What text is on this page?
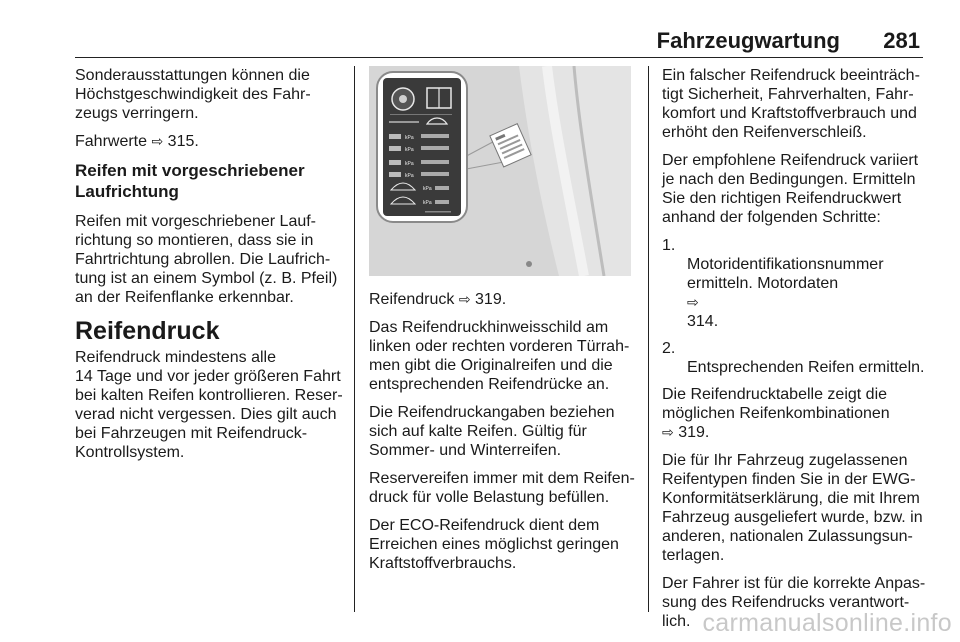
Fahrzeugwartung 281

Sonderausstattungen können die
Höchstgeschwindigkeit des Fahr-
zeugs verringern.

Fahrwerte ⇨ 315.

Reifen mit vorgeschriebener
Laufrichtung

Reifen mit vorgeschriebener Lauf-
richtung so montieren, dass sie in
Fahrtrichtung abrollen. Die Laufrich-
tung ist an einem Symbol (z. B. Pfeil)
an der Reifenflanke erkennbar.

Reifendruck

Reifendruck mindestens alle
14 Tage und vor jeder größeren Fahrt
bei kalten Reifen kontrollieren. Reser-
verad nicht vergessen. Dies gilt auch
bei Fahrzeugen mit Reifendruck-
Kontrollsystem.

kPa
kPa
kPa
kPa
kPa
kPa

Reifendruck ⇨ 319.

Das Reifendruckhinweisschild am
linken oder rechten vorderen Türrah-
men gibt die Originalreifen und die
entsprechenden Reifendrücke an.

Die Reifendruckangaben beziehen
sich auf kalte Reifen. Gültig für
Sommer- und Winterreifen.

Reservereifen immer mit dem Reifen-
druck für volle Belastung befüllen.

Der ECO-Reifendruck dient dem
Erreichen eines möglichst geringen
Kraftstoffverbrauchs.

Ein falscher Reifendruck beeinträch-
tigt Sicherheit, Fahrverhalten, Fahr-
komfort und Kraftstoffverbrauch und
erhöht den Reifenverschleiß.

Der empfohlene Reifendruck variiert
je nach den Bedingungen. Ermitteln
Sie den richtigen Reifendruckwert
anhand der folgenden Schritte:

1.
Motoridentifikationsnummer
ermitteln. Motordaten
⇨
314.

2.
Entsprechenden Reifen ermitteln.

Die Reifendrucktabelle zeigt die
möglichen Reifenkombinationen
⇨ 319.

Die für Ihr Fahrzeug zugelassenen
Reifentypen finden Sie in der EWG-
Konformitätserklärung, die mit Ihrem
Fahrzeug ausgeliefert wurde, bzw. in
anderen, nationalen Zulassungsun-
terlagen.

Der Fahrer ist für die korrekte Anpas-
sung des Reifendrucks verantwort-
lich. carmanualsonline.info
